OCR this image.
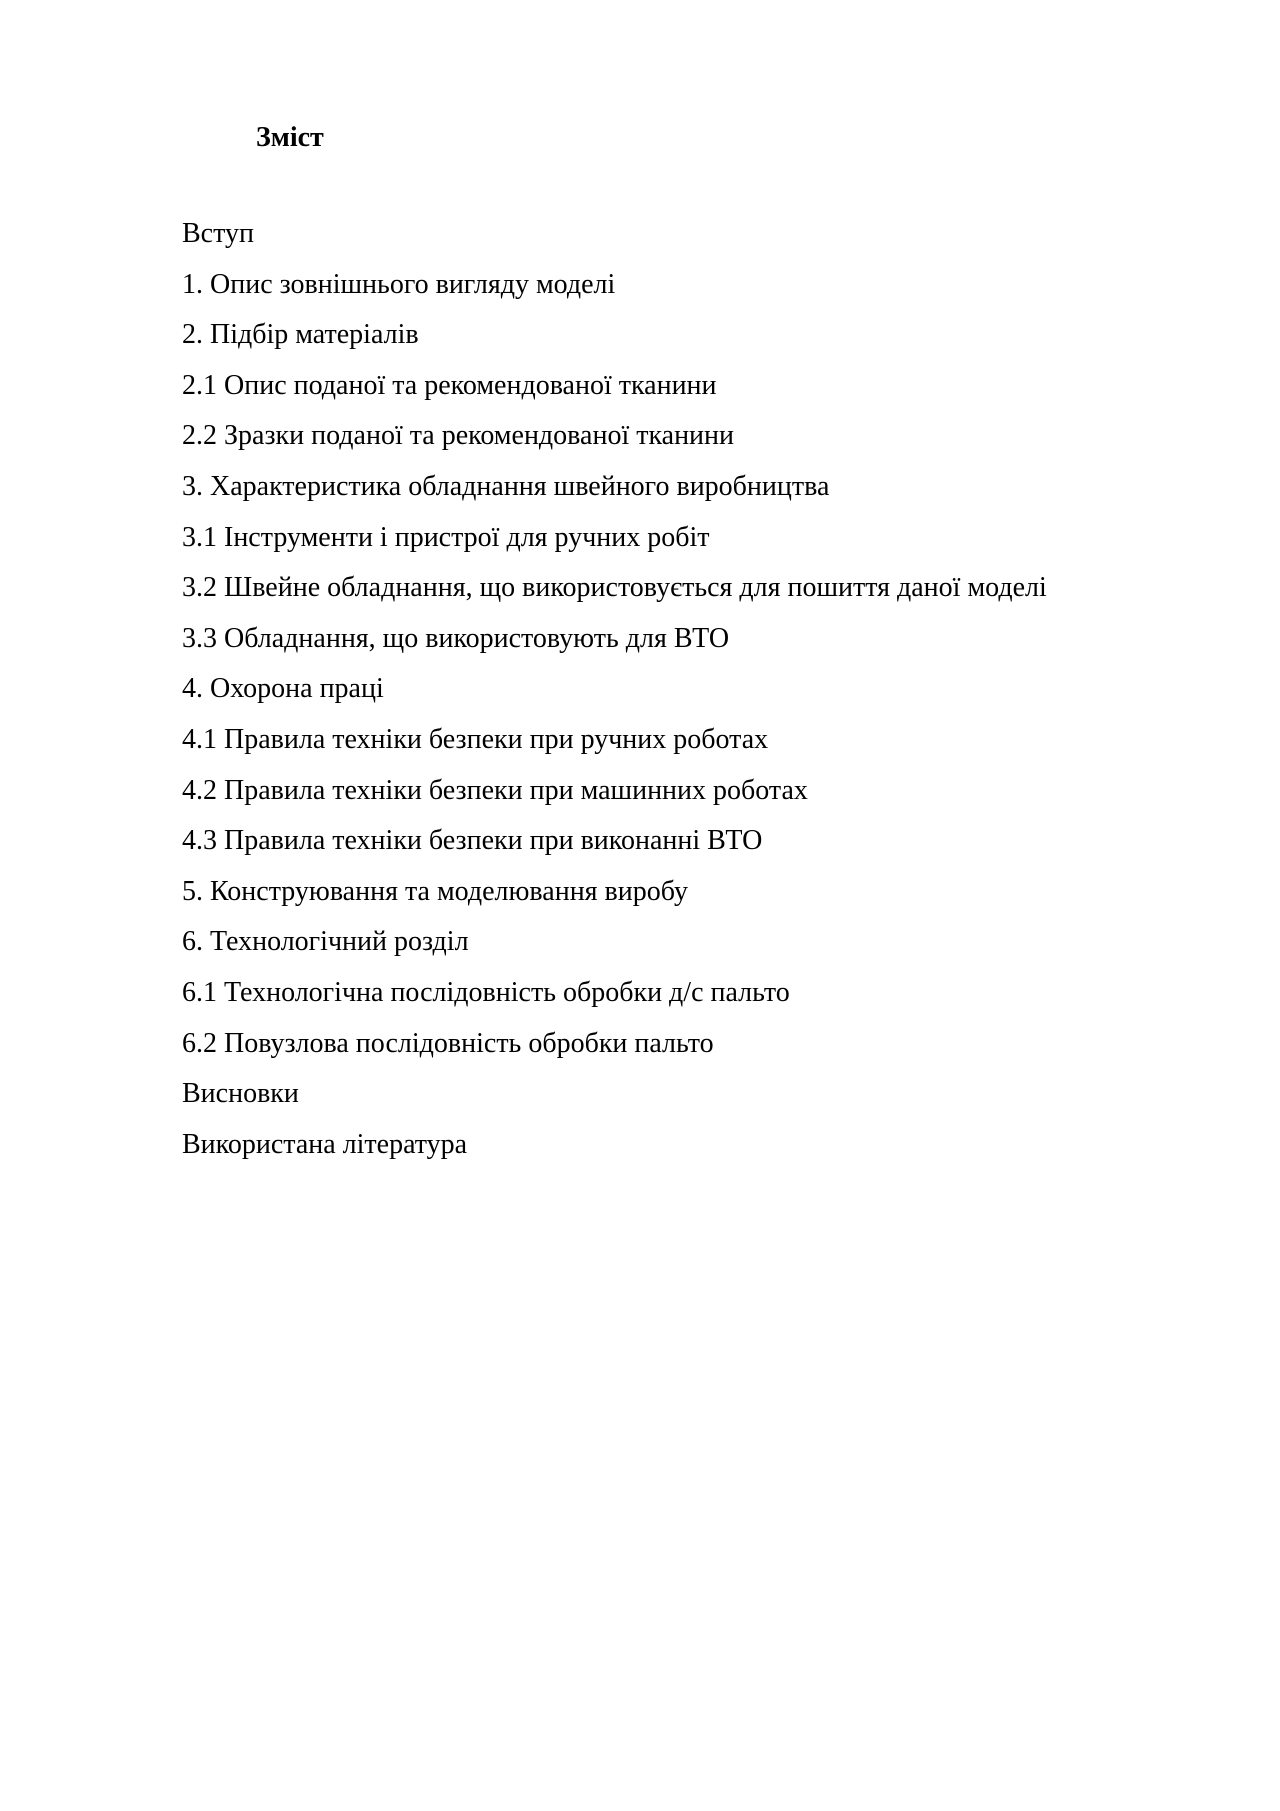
Зміст
Вступ
1. Опис зовнішнього вигляду моделі
2. Підбір матеріалів
2.1 Опис поданої та рекомендованої тканини
2.2 Зразки поданої та рекомендованої тканини
3. Характеристика обладнання швейного виробництва
3.1 Інструменти і пристрої для ручних робіт
3.2 Швейне обладнання, що використовується для пошиття даної моделі
3.3 Обладнання, що використовують для ВТО
4. Охорона праці
4.1 Правила техніки безпеки при ручних роботах
4.2 Правила техніки безпеки при машинних роботах
4.3 Правила техніки безпеки при виконанні ВТО
5. Конструювання та моделювання виробу
6. Технологічний розділ
6.1 Технологічна послідовність обробки д/с пальто
6.2 Повузлова послідовність обробки пальто
Висновки
Використана література
